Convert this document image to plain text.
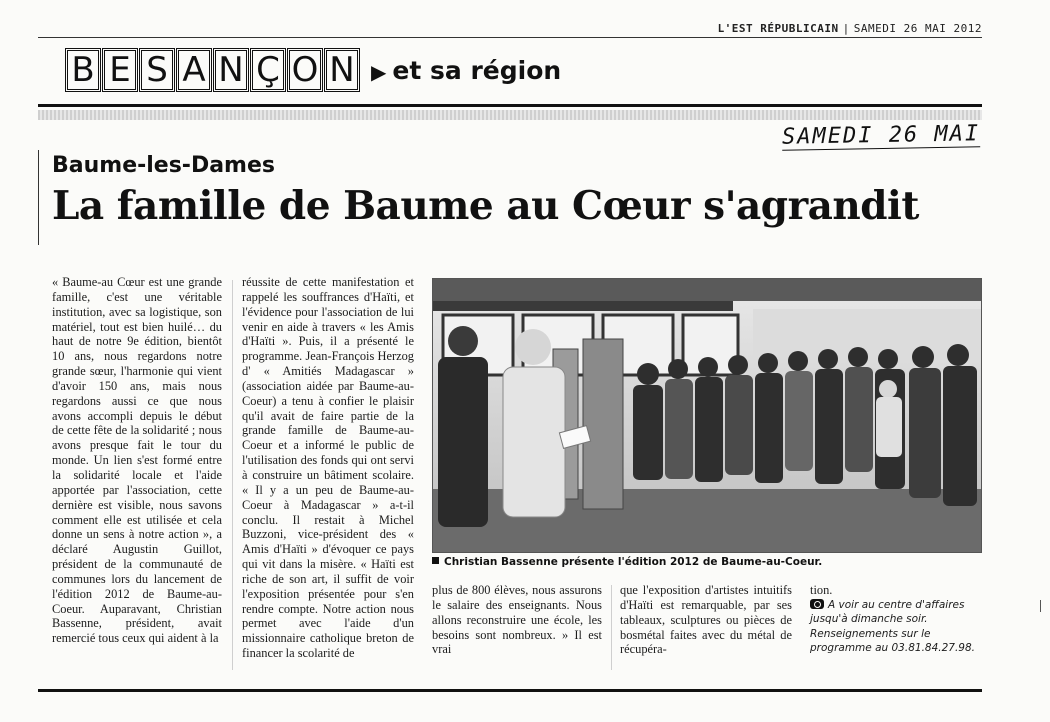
L'EST RÉPUBLICAIN | SAMEDI 26 MAI 2012
B E S A N Ç O N ▶ et sa région
SAMEDI 26 MAI
Baume-les-Dames
La famille de Baume au Cœur s'agrandit

« Baume-au Cœur est une grande famille, c'est une véritable institution, avec sa logistique, son matériel, tout est bien huilé… du haut de notre 9e édition, bientôt 10 ans, nous regardons notre grande sœur, l'harmonie qui vient d'avoir 150 ans, mais nous regardons aussi ce que nous avons accompli depuis le début de cette fête de la solidarité ; nous avons presque fait le tour du monde. Un lien s'est formé entre la solidarité locale et l'aide apportée par l'association, cette dernière est visible, nous savons comment elle est utilisée et cela donne un sens à notre action », a déclaré Augustin Guillot, président de la communauté de communes lors du lancement de l'édition 2012 de Baume-au-Coeur. Auparavant, Christian Bassenne, président, avait remercié tous ceux qui aident à la

réussite de cette manifestation et rappelé les souffrances d'Haïti, et l'évidence pour l'association de lui venir en aide à travers « les Amis d'Haïti ». Puis, il a présenté le programme. Jean-François Herzog d' « Amitiés Madagascar » (association aidée par Baume-au-Coeur) a tenu à confier le plaisir qu'il avait de faire partie de la grande famille de Baume-au-Coeur et a informé le public de l'utilisation des fonds qui ont servi à construire un bâtiment scolaire. « Il y a un peu de Baume-au-Coeur à Madagascar » a-t-il conclu. Il restait à Michel Buzzoni, vice-président des « Amis d'Haïti » d'évoquer ce pays qui vit dans la misère. « Haïti est riche de son art, il suffit de voir l'exposition présentée pour s'en rendre compte. Notre action nous permet avec l'aide d'un missionnaire catholique breton de financer la scolarité de

Christian Bassenne présente l'édition 2012 de Baume-au-Coeur.

plus de 800 élèves, nous assurons le salaire des enseignants. Nous allons reconstruire une école, les besoins sont nombreux. » Il est vrai

que l'exposition d'artistes intuitifs d'Haïti est remarquable, par ses tableaux, sculptures ou pièces de bosmétal faites avec du métal de récupéra-

tion.
A voir au centre d'affaires jusqu'à dimanche soir.
Renseignements sur le programme au 03.81.84.27.98.
